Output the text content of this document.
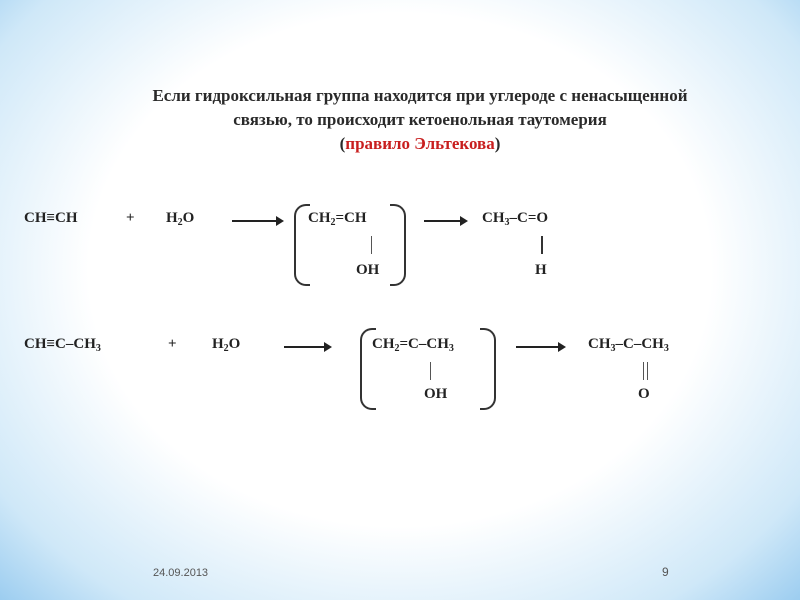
Если гидроксильная группа находится при углероде с ненасыщенной
связью, то происходит кетоенольная таутомерия
(правило Эльтекова)
CH≡CH	+ $H_2O$	$CH_2=CH$
OH
$CH_3-C=O$
H
$CH\equiv C-CH_3$	+ $H_2O$	$CH_2=C-CH_3$
OH
$CH_3-C-CH_3$
O
24.09.2013	9
